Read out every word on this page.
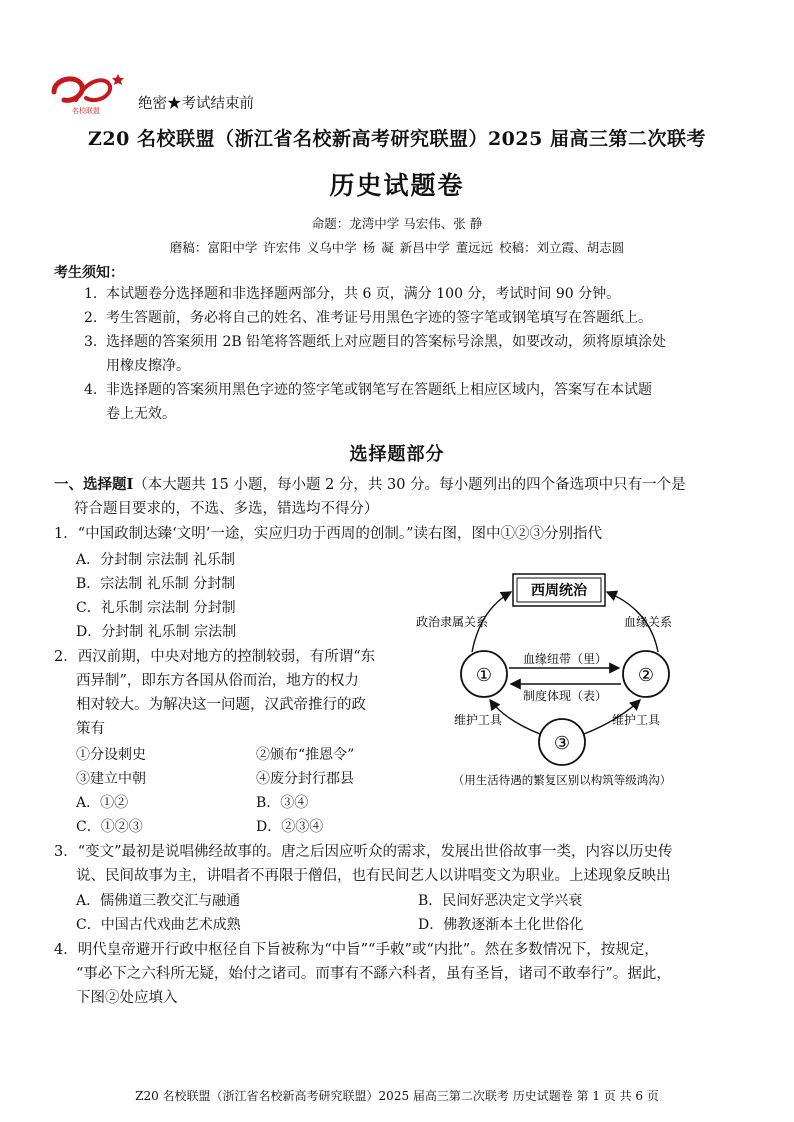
名校联盟	绝密★考试结束前
Z20 名校联盟（浙江省名校新高考研究联盟）2025 届高三第二次联考
历史试题卷
命题：龙湾中学 马宏伟、张 静
磨稿：富阳中学 许宏伟 义乌中学 杨 凝 新昌中学 董远远 校稿：刘立霞、胡志圆
考生须知：
1. 本试题卷分选择题和非选择题两部分，共 6 页，满分 100 分，考试时间 90 分钟。
2. 考生答题前，务必将自己的姓名、准考证号用黑色字迹的签字笔或钢笔填写在答题纸上。
3. 选择题的答案须用 2B 铅笔将答题纸上对应题目的答案标号涂黑，如要改动，须将原填涂处
用橡皮擦净。
4. 非选择题的答案须用黑色字迹的签字笔或钢笔写在答题纸上相应区域内，答案写在本试题
卷上无效。
选择题部分
一、选择题Ⅰ（本大题共 15 小题，每小题 2 分，共 30 分。每小题列出的四个备选项中只有一个是
符合题目要求的，不选、多选，错选均不得分）
1．“中国政制达臻‘文明’一途，实应归功于西周的创制。”读右图，图中①②③分别指代
A．分封制 宗法制 礼乐制
B．宗法制 礼乐制 分封制
C．礼乐制 宗法制 分封制
D．分封制 礼乐制 宗法制
2．西汉前期，中央对地方的控制较弱，有所谓“东
西异制”，即东方各国从俗而治，地方的权力
相对较大。为解决这一问题，汉武帝推行的政
策有
①分设刺史	②颁布“推恩令”
③建立中朝	④废分封行郡县
A．①②	B．③④
C．①②③	D．②③④
西周统治
①	②
③
政治隶属关系	血缘关系
血缘纽带（里）
制度体现（表）
维护工具	维护工具
（用生活待遇的繁复区别以构筑等级鸿沟）
3．“变文”最初是说唱佛经故事的。唐之后因应听众的需求，发展出世俗故事一类，内容以历史传
说、民间故事为主，讲唱者不再限于僧侣，也有民间艺人以讲唱变文为职业。上述现象反映出
A．儒佛道三教交汇与融通	B．民间好恶决定文学兴衰
C．中国古代戏曲艺术成熟	D．佛教逐渐本土化世俗化
4．明代皇帝避开行政中枢径自下旨被称为“中旨”“手敕”或“内批”。然在多数情况下，按规定，
“事必下之六科所无疑，始付之诸司。而事有不繇六科者，虽有圣旨，诸司不敢奉行”。据此，
下图②处应填入
Z20 名校联盟（浙江省名校新高考研究联盟）2025 届高三第二次联考 历史试题卷 第 1 页 共 6 页
